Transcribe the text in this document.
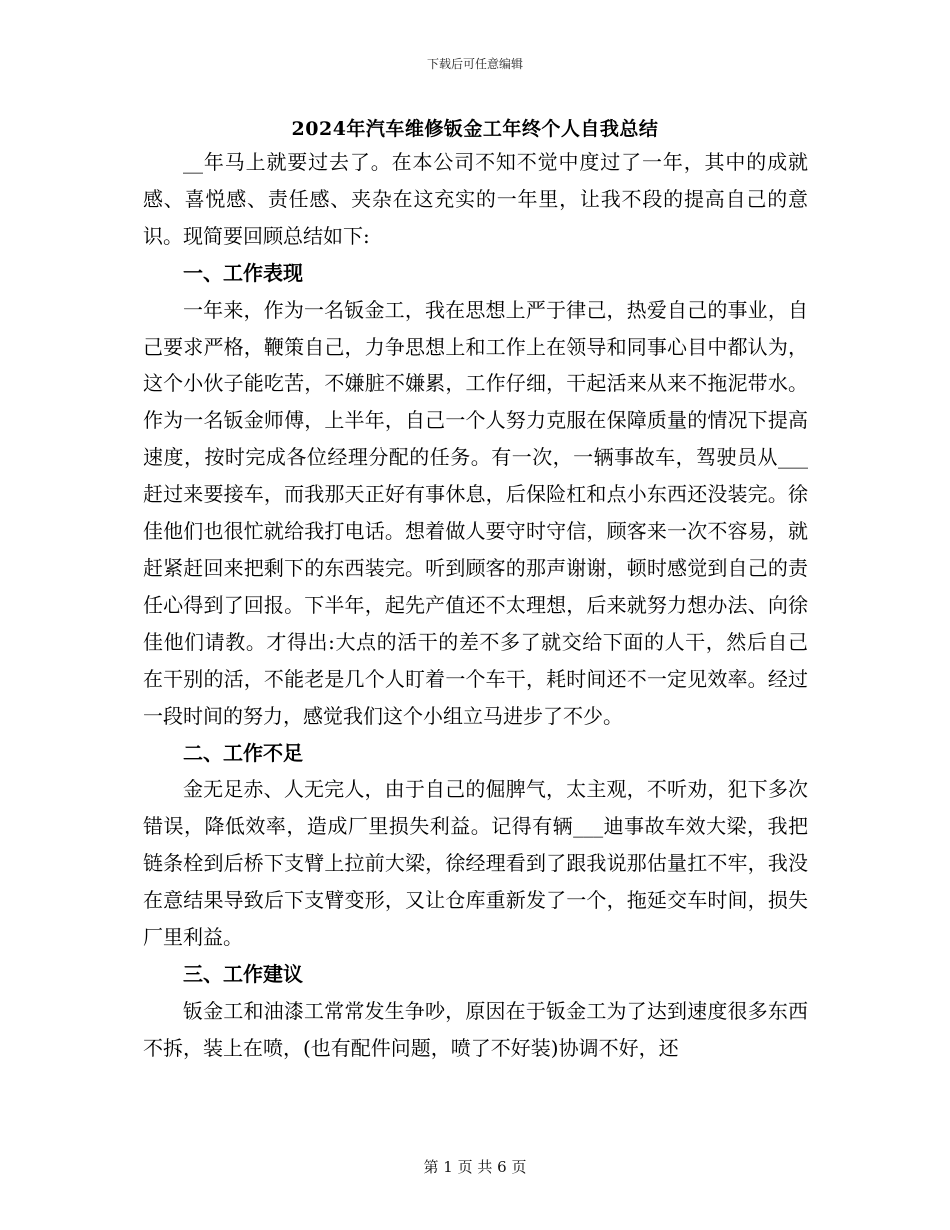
下载后可任意编辑
2024年汽车维修钣金工年终个人自我总结

__年马上就要过去了。在本公司不知不觉中度过了一年，其中的成就感、喜悦感、责任感、夹杂在这充实的一年里，让我不段的提高自己的意识。现简要回顾总结如下:

一、工作表现

一年来，作为一名钣金工，我在思想上严于律己，热爱自己的事业，自己要求严格，鞭策自己，力争思想上和工作上在领导和同事心目中都认为，这个小伙子能吃苦，不嫌脏不嫌累，工作仔细，干起活来从来不拖泥带水。作为一名钣金师傅，上半年，自己一个人努力克服在保障质量的情况下提高速度，按时完成各位经理分配的任务。有一次，一辆事故车，驾驶员从___赶过来要接车，而我那天正好有事休息，后保险杠和点小东西还没装完。徐佳他们也很忙就给我打电话。想着做人要守时守信，顾客来一次不容易，就赶紧赶回来把剩下的东西装完。听到顾客的那声谢谢，顿时感觉到自己的责任心得到了回报。下半年，起先产值还不太理想，后来就努力想办法、向徐佳他们请教。才得出:大点的活干的差不多了就交给下面的人干，然后自己在干别的活，不能老是几个人盯着一个车干，耗时间还不一定见效率。经过一段时间的努力，感觉我们这个小组立马进步了不少。

二、工作不足

金无足赤、人无完人，由于自己的倔脾气，太主观，不听劝，犯下多次错误，降低效率，造成厂里损失利益。记得有辆___迪事故车效大梁，我把链条栓到后桥下支臂上拉前大梁，徐经理看到了跟我说那估量扛不牢，我没在意结果导致后下支臂变形，又让仓库重新发了一个，拖延交车时间，损失厂里利益。

三、工作建议

钣金工和油漆工常常发生争吵，原因在于钣金工为了达到速度很多东西不拆，装上在喷，(也有配件问题，喷了不好装)协调不好，还

第 1 页 共 6 页
